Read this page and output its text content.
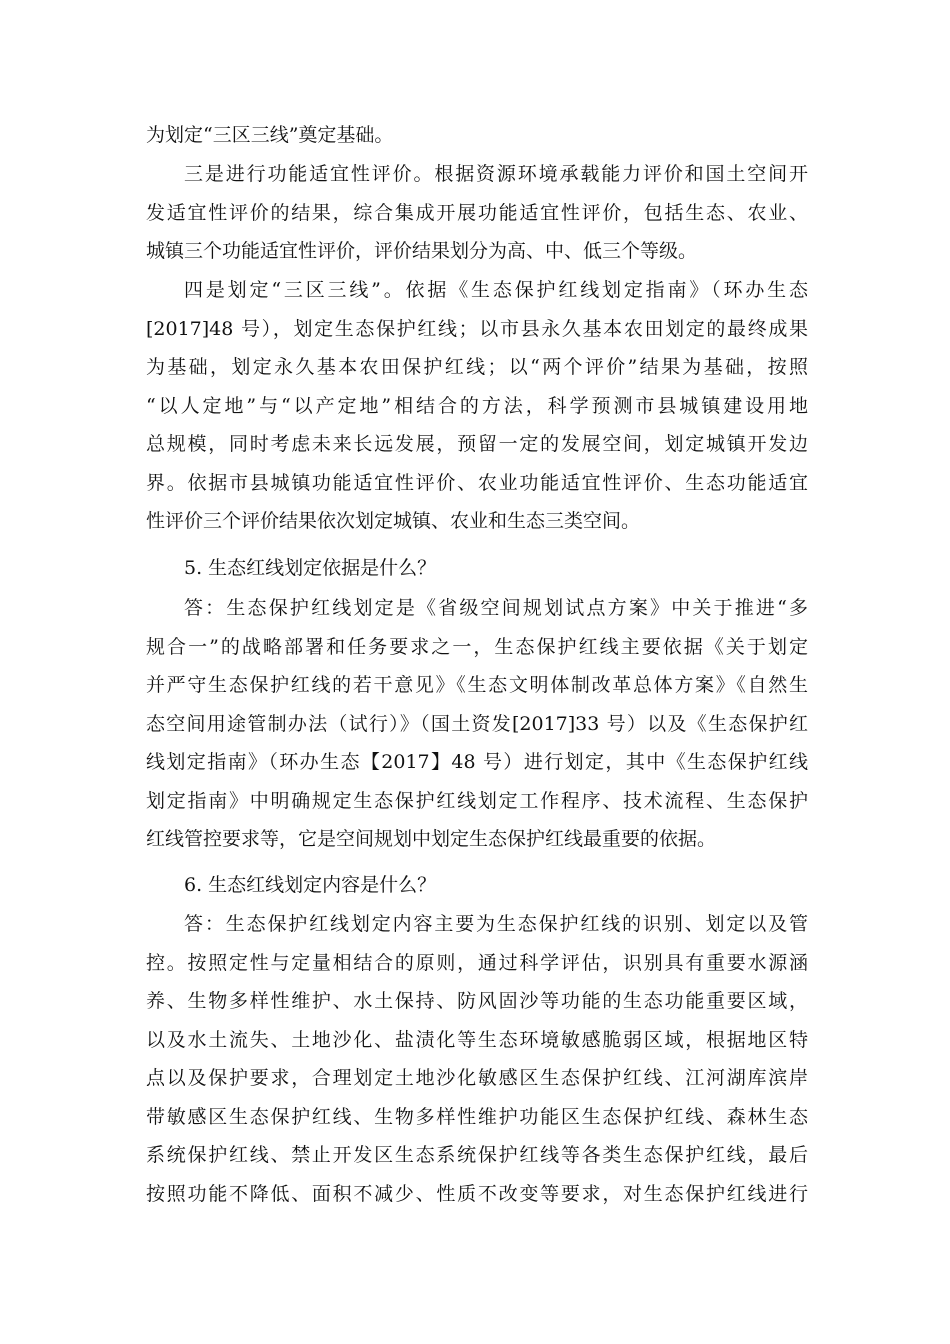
为划定“三区三线”奠定基础。
三是进行功能适宜性评价。根据资源环境承载能力评价和国土空间开
发适宜性评价的结果，综合集成开展功能适宜性评价，包括生态、农业、
城镇三个功能适宜性评价，评价结果划分为高、中、低三个等级。
四是划定“三区三线”。依据《生态保护红线划定指南》（环办生态
[2017]48 号），划定生态保护红线；以市县永久基本农田划定的最终成果
为基础，划定永久基本农田保护红线；以“两个评价”结果为基础，按照
“以人定地”与“以产定地”相结合的方法，科学预测市县城镇建设用地
总规模，同时考虑未来长远发展，预留一定的发展空间，划定城镇开发边
界。依据市县城镇功能适宜性评价、农业功能适宜性评价、生态功能适宜
性评价三个评价结果依次划定城镇、农业和生态三类空间。
5. 生态红线划定依据是什么？
答：生态保护红线划定是《省级空间规划试点方案》中关于推进“多
规合一”的战略部署和任务要求之一，生态保护红线主要依据《关于划定
并严守生态保护红线的若干意见》《生态文明体制改革总体方案》《自然生
态空间用途管制办法（试行）》（国土资发[2017]33 号）以及《生态保护红
线划定指南》（环办生态【2017】48 号）进行划定，其中《生态保护红线
划定指南》中明确规定生态保护红线划定工作程序、技术流程、生态保护
红线管控要求等，它是空间规划中划定生态保护红线最重要的依据。
6. 生态红线划定内容是什么？
答：生态保护红线划定内容主要为生态保护红线的识别、划定以及管
控。按照定性与定量相结合的原则，通过科学评估，识别具有重要水源涵
养、生物多样性维护、水土保持、防风固沙等功能的生态功能重要区域，
以及水土流失、土地沙化、盐渍化等生态环境敏感脆弱区域，根据地区特
点以及保护要求，合理划定土地沙化敏感区生态保护红线、江河湖库滨岸
带敏感区生态保护红线、生物多样性维护功能区生态保护红线、森林生态
系统保护红线、禁止开发区生态系统保护红线等各类生态保护红线，最后
按照功能不降低、面积不减少、性质不改变等要求，对生态保护红线进行
